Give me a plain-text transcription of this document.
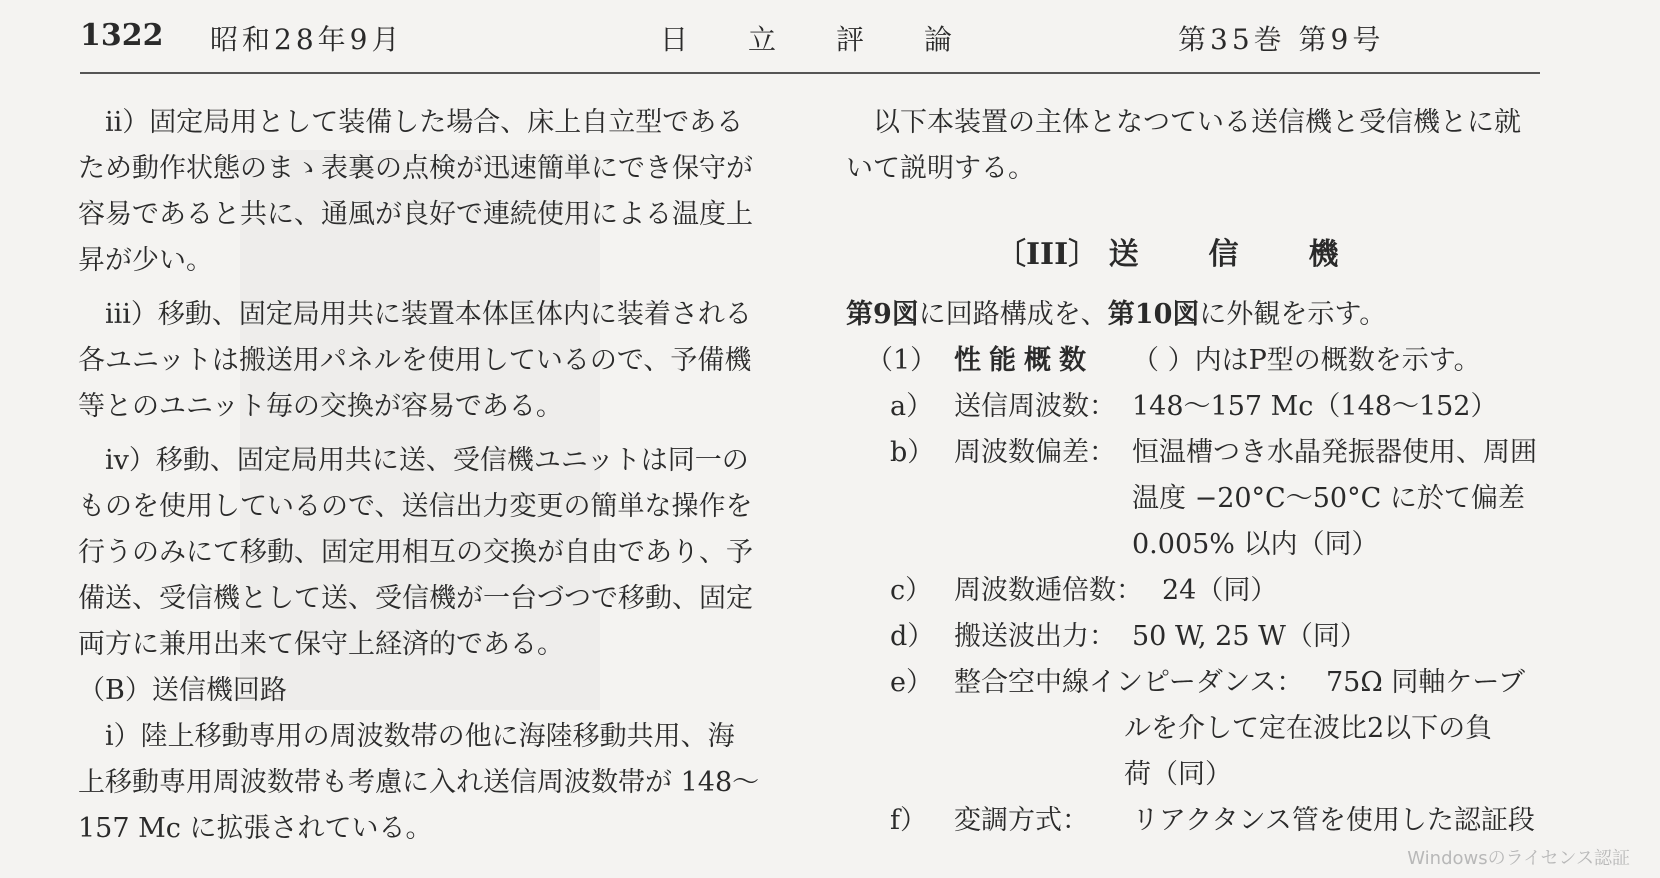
1322 昭和28年9月	日立評論	第35巻 第9号

ii）固定局用として装備した場合、床上自立型である
ため動作状態のまゝ表裏の点検が迅速簡単にでき保守が
容易であると共に、通風が良好で連続使用による温度上
昇が少い。

iii）移動、固定局用共に装置本体匡体内に装着される
各ユニットは搬送用パネルを使用しているので、予備機
等とのユニット毎の交換が容易である。

iv）移動、固定局用共に送、受信機ユニットは同一の
ものを使用しているので、送信出力変更の簡単な操作を
行うのみにて移動、固定用相互の交換が自由であり、予
備送、受信機として送、受信機が一台づつで移動、固定
両方に兼用出来て保守上経済的である。

（B）送信機回路

i）陸上移動専用の周波数帯の他に海陸移動共用、海
上移動専用周波数帯も考慮に入れ送信周波数帯が 148～
157 Mc に拡張されている。

以下本装置の主体となつている送信機と受信機とに就
いて説明する。

〔III〕 送信機

第9図に回路構成を、第10図に外観を示す。

（1） 性能概数 （ ）内はP型の概数を示す。
a） 送信周波数： 148～157 Mc（148～152）
b） 周波数偏差： 恒温槽つき水晶発振器使用、周囲
温度 −20°C～50°C に於て偏差
0.005% 以内（同）
c） 周波数逓倍数： 24（同）
d） 搬送波出力： 50 W, 25 W（同）
e） 整合空中線インピーダンス： 75Ω 同軸ケーブ
ルを介して定在波比2以下の負
荷（同）
f） 変調方式： リアクタンス管を使用した認証段
Windowsのライセンス認証
